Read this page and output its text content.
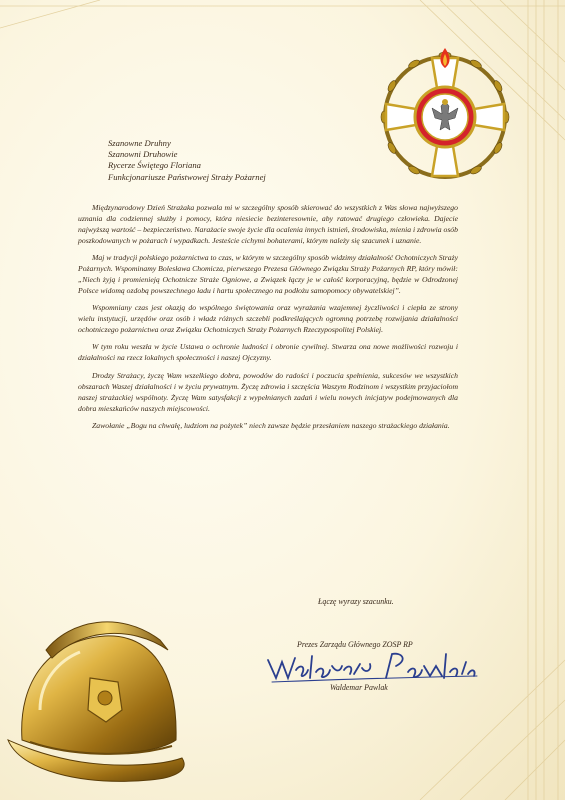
Szanowne Druhny
Szanowni Druhowie
Rycerze Świętego Floriana
Funkcjonariusze Państwowej Straży Pożarnej

Międzynarodowy Dzień Strażaka pozwala mi w szczególny sposób skierować do wszystkich z Was słowa najwyższego uznania dla codziennej służby i pomocy, która niesiecie bezinteresownie, aby ratować drugiego człowieka. Dajecie najwyższą wartość – bezpieczeństwo. Narażacie swoje życie dla ocalenia innych istnień, środowiska, mienia i zdrowia osób poszkodowanych w pożarach i wypadkach. Jesteście cichymi bohaterami, którym należy się szacunek i uznanie.

Maj w tradycji polskiego pożarnictwa to czas, w którym w szczególny sposób widzimy działalność Ochotniczych Straży Pożarnych. Wspominamy Bolesława Chomicza, pierwszego Prezesa Głównego Związku Straży Pożarnych RP, który mówił: „Niech żyją i promienieją Ochotnicze Straże Ogniowe, a Związek łączy je w całość korporacyjną, będzie w Odrodzonej Polsce widomą ozdobą powszechnego ładu i hartu społecznego na podłożu samopomocy obywatelskiej”.

Wspomniany czas jest okazją do wspólnego świętowania oraz wyrażania wzajemnej życzliwości i ciepła ze strony wielu instytucji, urzędów oraz osób i władz różnych szczebli podkreślających ogromną potrzebę rozwijania działalności ochotniczego pożarnictwa oraz Związku Ochotniczych Straży Pożarnych Rzeczypospolitej Polskiej.

W tym roku weszła w życie Ustawa o ochronie ludności i obronie cywilnej. Stwarza ona nowe możliwości rozwoju i działalności na rzecz lokalnych społeczności i naszej Ojczyzny.

Drodzy Strażacy, życzę Wam wszelkiego dobra, powodów do radości i poczucia spełnienia, sukcesów we wszystkich obszarach Waszej działalności i w życiu prywatnym. Życzę zdrowia i szczęścia Waszym Rodzinom i wszystkim przyjaciołom naszej strażackiej wspólnoty. Życzę Wam satysfakcji z wypełnianych zadań i wielu nowych inicjatyw podejmowanych dla dobra mieszkańców naszych miejscowości.

Zawołanie „Bogu na chwałę, ludziom na pożytek” niech zawsze będzie przesłaniem naszego strażackiego działania.

Łączę wyrazy szacunku.
Prezes Zarządu Głównego ZOSP RP
Waldemar Pawlak
